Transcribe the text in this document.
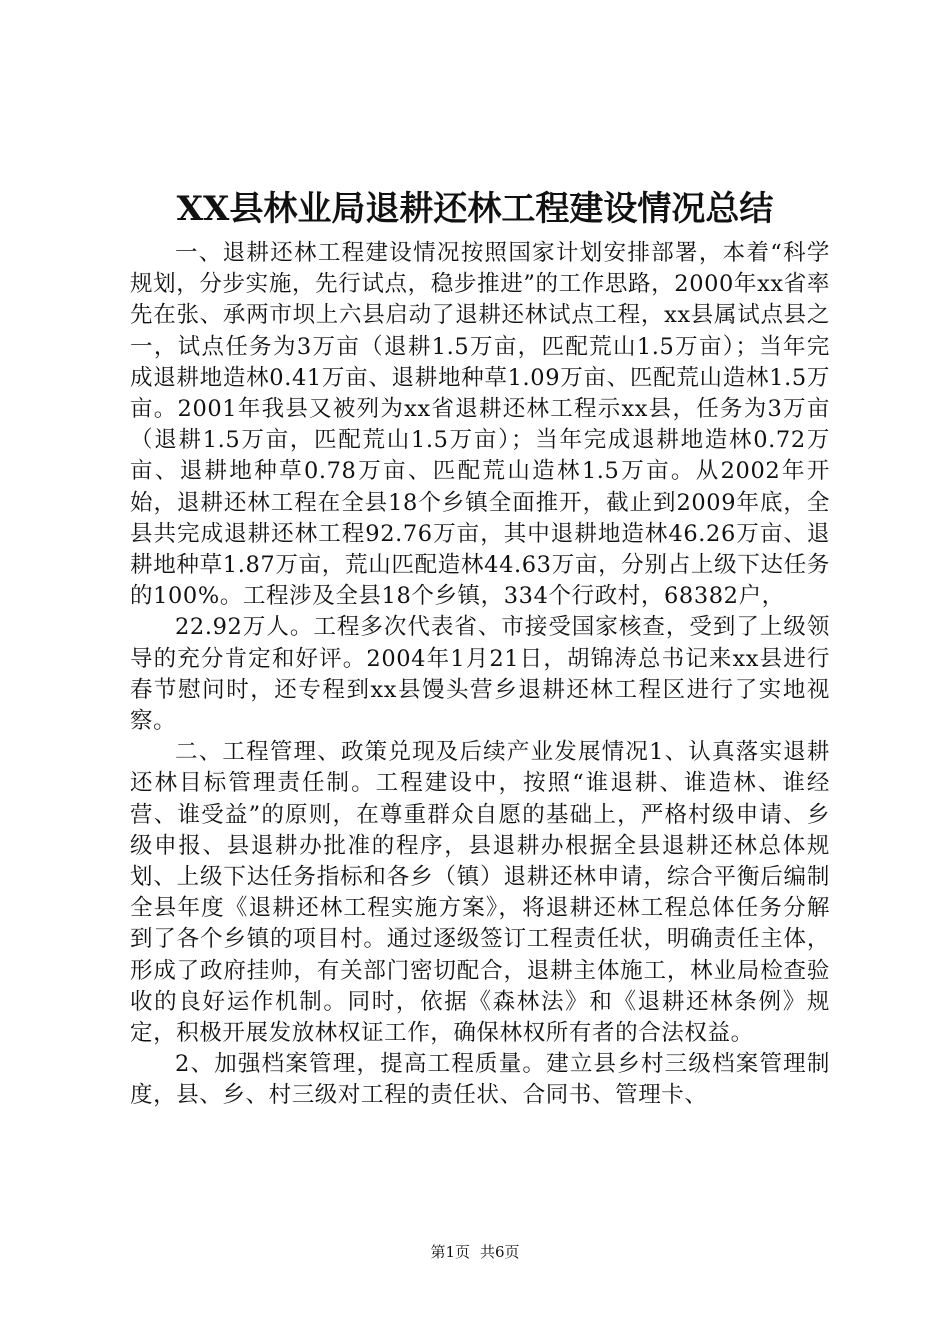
XX县林业局退耕还林工程建设情况总结

一、退耕还林工程建设情况按照国家计划安排部署，本着“科学规划，分步实施，先行试点，稳步推进”的工作思路，2000年xx省率先在张、承两市坝上六县启动了退耕还林试点工程，xx县属试点县之一，试点任务为3万亩（退耕1.5万亩，匹配荒山1.5万亩）；当年完成退耕地造林0.41万亩、退耕地种草1.09万亩、匹配荒山造林1.5万亩。2001年我县又被列为xx省退耕还林工程示xx县，任务为3万亩（退耕1.5万亩，匹配荒山1.5万亩）；当年完成退耕地造林0.72万亩、退耕地种草0.78万亩、匹配荒山造林1.5万亩。从2002年开始，退耕还林工程在全县18个乡镇全面推开，截止到2009年底，全县共完成退耕还林工程92.76万亩，其中退耕地造林46.26万亩、退耕地种草1.87万亩，荒山匹配造林44.63万亩，分别占上级下达任务的100%。工程涉及全县18个乡镇，334个行政村，68382户，

22.92万人。工程多次代表省、市接受国家核查，受到了上级领导的充分肯定和好评。2004年1月21日，胡锦涛总书记来xx县进行春节慰问时，还专程到xx县馒头营乡退耕还林工程区进行了实地视察。

二、工程管理、政策兑现及后续产业发展情况1、认真落实退耕还林目标管理责任制。工程建设中，按照“谁退耕、谁造林、谁经营、谁受益”的原则，在尊重群众自愿的基础上，严格村级申请、乡级申报、县退耕办批准的程序，县退耕办根据全县退耕还林总体规划、上级下达任务指标和各乡（镇）退耕还林申请，综合平衡后编制全县年度《退耕还林工程实施方案》，将退耕还林工程总体任务分解到了各个乡镇的项目村。通过逐级签订工程责任状，明确责任主体，形成了政府挂帅，有关部门密切配合，退耕主体施工，林业局检查验收的良好运作机制。同时，依据《森林法》和《退耕还林条例》规定，积极开展发放林权证工作，确保林权所有者的合法权益。

2、加强档案管理，提高工程质量。建立县乡村三级档案管理制度，县、乡、村三级对工程的责任状、合同书、管理卡、

第1页 共6页
